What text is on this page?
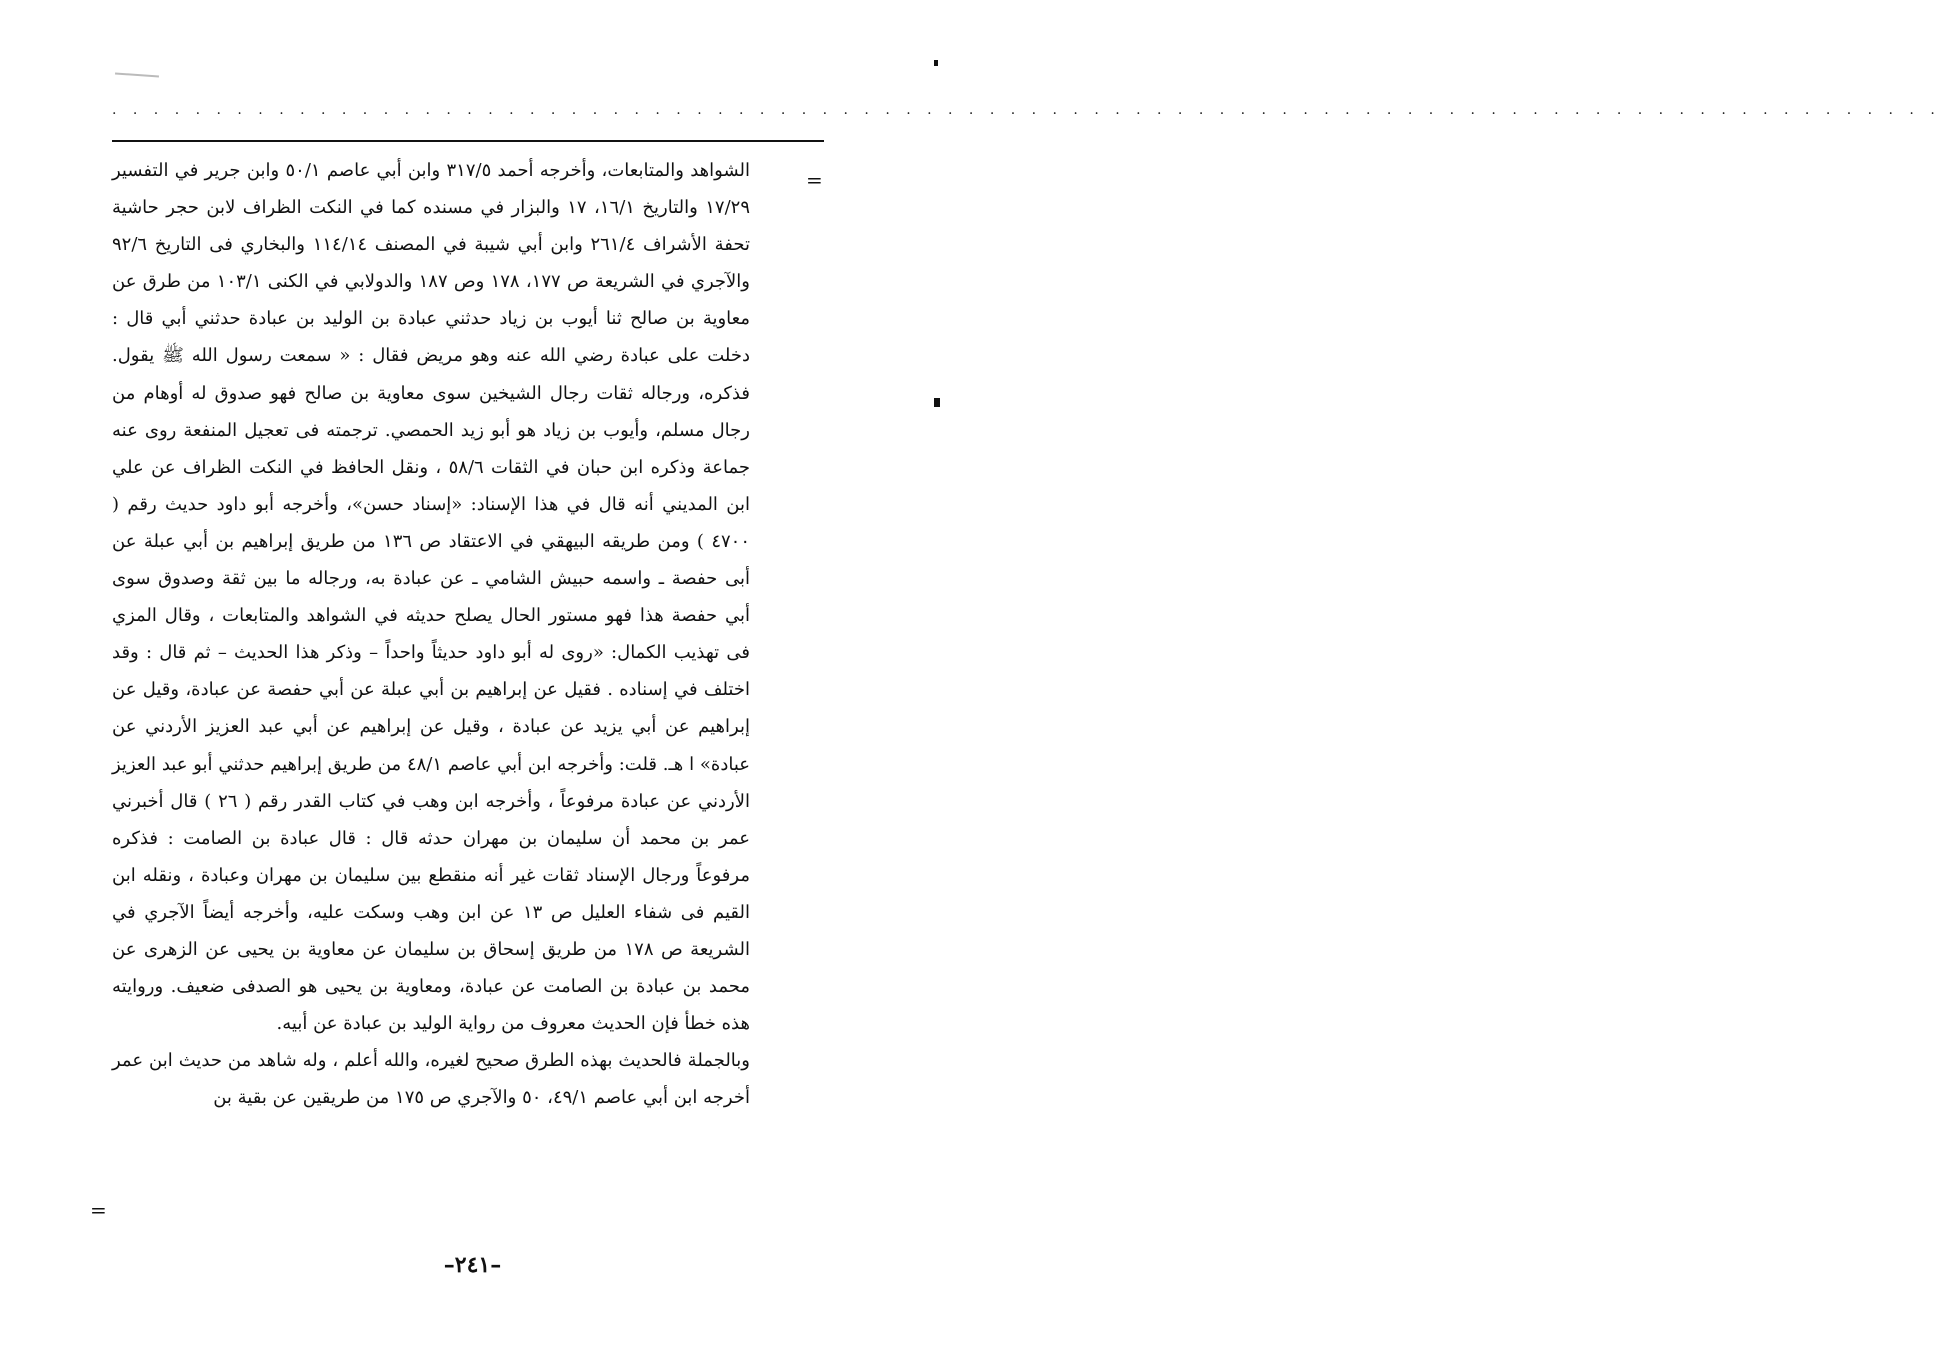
. . . . . . . . . . . . . . . . . . . . . . . . . . . . . . . . . . . . . . . . . . . . . . . . . . . . . . . . . . . . . . . . . . . . . . . . . . . . . . . . . . . . . . . .
=

الشواهد والمتابعات، وأخرجه أحمد ٣١٧/٥ وابن أبي عاصم ٥٠/١ وابن جرير في التفسير ١٧/٢٩ والتاريخ ١٦/١، ١٧ والبزار في مسنده كما في النكت الظراف لابن حجر حاشية تحفة الأشراف ٢٦١/٤ وابن أبي شيبة في المصنف ١١٤/١٤ والبخاري فى التاريخ ٩٢/٦ والآجري في الشريعة ص ١٧٧، ١٧٨ وص ١٨٧ والدولابي في الكنى ١٠٣/١ من طرق عن معاوية بن صالح ثنا أيوب بن زياد حدثني عبادة بن الوليد بن عبادة حدثني أبي قال : دخلت على عبادة رضي الله عنه وهو مريض فقال : « سمعت رسول الله ﷺ يقول. فذكره، ورجاله ثقات رجال الشيخين سوى معاوية بن صالح فهو صدوق له أوهام من رجال مسلم، وأيوب بن زياد هو أبو زيد الحمصي. ترجمته فى تعجيل المنفعة روى عنه جماعة وذكره ابن حبان في الثقات ٥٨/٦ ، ونقل الحافظ في النكت الظراف عن علي ابن المديني أنه قال في هذا الإسناد: «إسناد حسن»، وأخرجه أبو داود حديث رقم ( ٤٧٠٠ ) ومن طريقه البيهقي في الاعتقاد ص ١٣٦ من طريق إبراهيم بن أبي عبلة عن أبى حفصة ـ واسمه حبيش الشامي ـ عن عبادة به، ورجاله ما بين ثقة وصدوق سوى أبي حفصة هذا فهو مستور الحال يصلح حديثه في الشواهد والمتابعات ، وقال المزي فى تهذيب الكمال: «روى له أبو داود حديثاً واحداً – وذكر هذا الحديث – ثم قال : وقد اختلف في إسناده . فقيل عن إبراهيم بن أبي عبلة عن أبي حفصة عن عبادة، وقيل عن إبراهيم عن أبي يزيد عن عبادة ، وقيل عن إبراهيم عن أبي عبد العزيز الأردني عن عبادة» ا هـ. قلت: وأخرجه ابن أبي عاصم ٤٨/١ من طريق إبراهيم حدثني أبو عبد العزيز الأردني عن عبادة مرفوعاً ، وأخرجه ابن وهب في كتاب القدر رقم ( ٢٦ ) قال أخبرني عمر بن محمد أن سليمان بن مهران حدثه قال : قال عبادة بن الصامت : فذكره مرفوعاً ورجال الإسناد ثقات غير أنه منقطع بين سليمان بن مهران وعبادة ، ونقله ابن القيم فى شفاء العليل ص ١٣ عن ابن وهب وسكت عليه، وأخرجه أيضاً الآجري في الشريعة ص ١٧٨ من طريق إسحاق بن سليمان عن معاوية بن يحيى عن الزهرى عن محمد بن عبادة بن الصامت عن عبادة، ومعاوية بن يحيى هو الصدفى ضعيف. وروايته هذه خطأ فإن الحديث معروف من رواية الوليد بن عبادة عن أبيه.

وبالجملة فالحديث بهذه الطرق صحيح لغيره، والله أعلم ، وله شاهد من حديث ابن عمر أخرجه ابن أبي عاصم ٤٩/١، ٥٠ والآجري ص ١٧٥ من طريقين عن بقية بن

=
–٢٤١–
